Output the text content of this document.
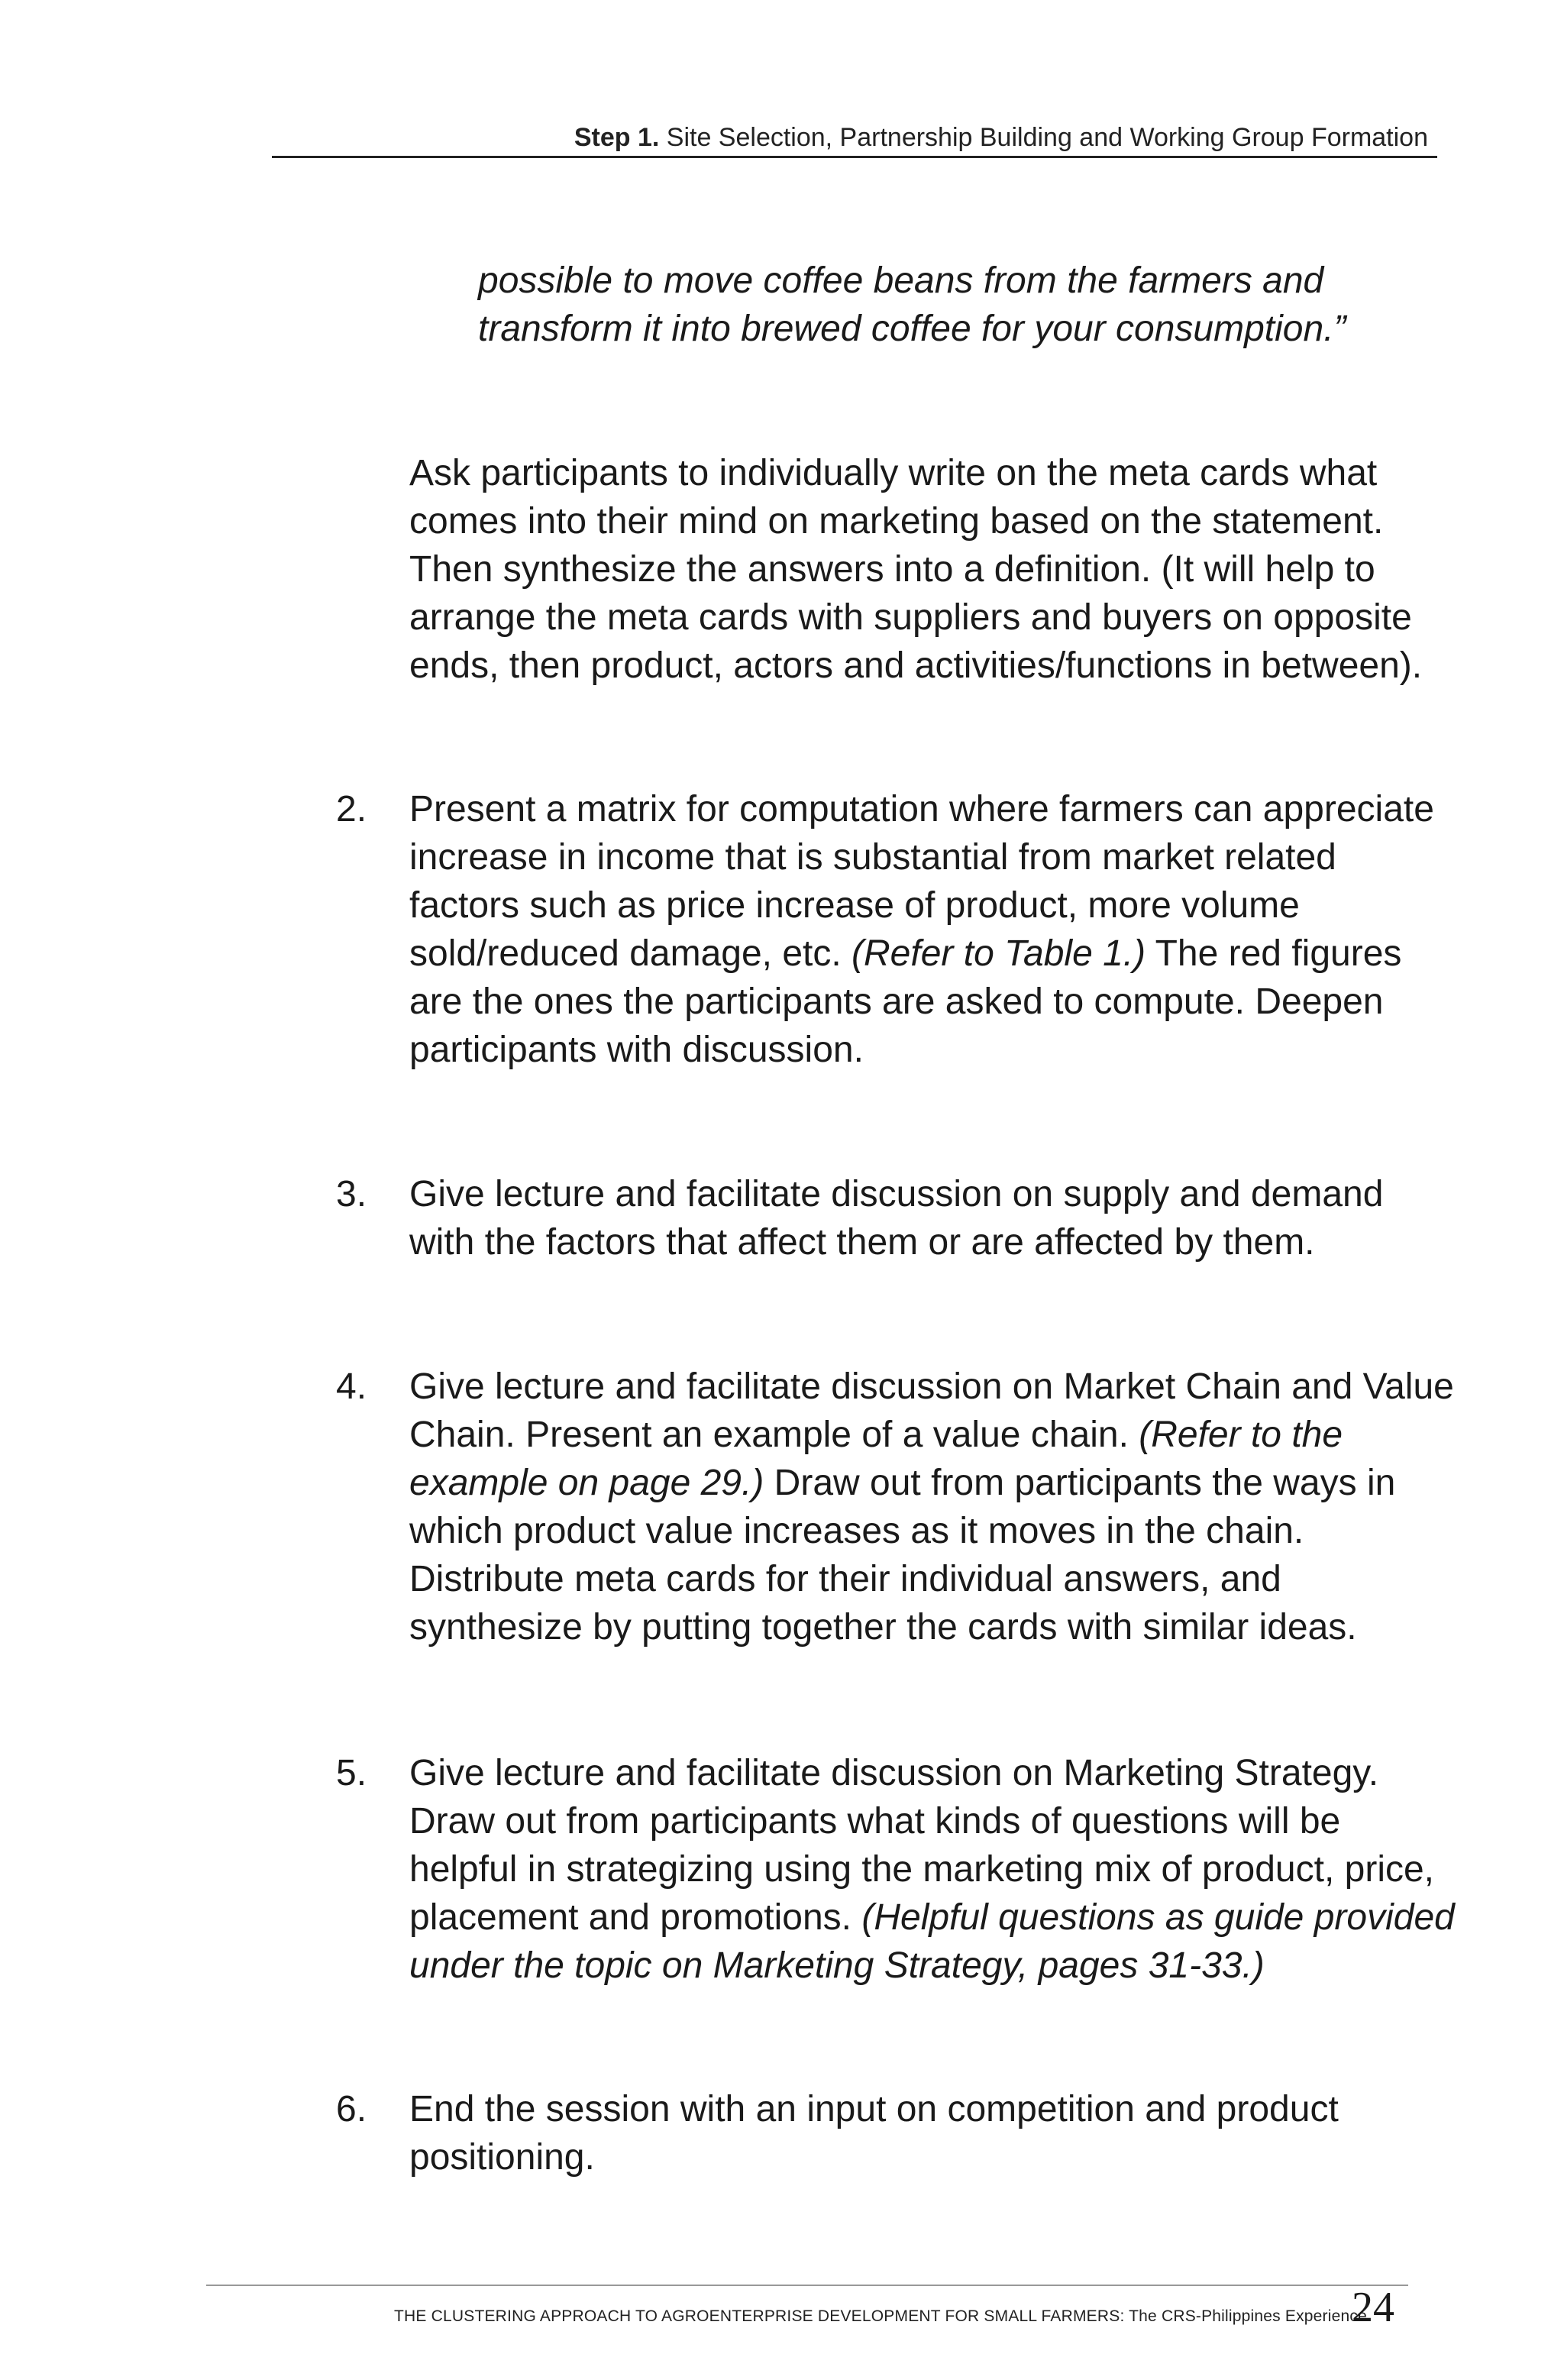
Step 1. Site Selection, Partnership Building and Working Group Formation
possible to move coffee beans from the farmers and transform it into brewed coffee for your consumption.”
Ask participants to individually write on the meta cards what comes into their mind on marketing based on the statement. Then synthesize the answers into a definition. (It will help to arrange the meta cards with suppliers and buyers on opposite ends, then product, actors and activities/functions in between).
2.	Present a matrix for computation where farmers can appreciate increase in income that is substantial from market related factors such as price increase of product, more volume sold/reduced damage, etc. (Refer to Table 1.) The red figures are the ones the participants are asked to compute. Deepen participants with discussion.
3.	Give lecture and facilitate discussion on supply and demand with the factors that affect them or are affected by them.
4.	Give lecture and facilitate discussion on Market Chain and Value Chain. Present an example of a value chain. (Refer to the example on page 29.) Draw out from participants the ways in which product value increases as it moves in the chain. Distribute meta cards for their individual answers, and synthesize by putting together the cards with similar ideas.
5.	Give lecture and facilitate discussion on Marketing Strategy. Draw out from participants what kinds of questions will be helpful in strategizing using the marketing mix of product, price, placement and promotions. (Helpful questions as guide provided under the topic on Marketing Strategy, pages 31-33.)
6.	End the session with an input on competition and product positioning.
THE CLUSTERING APPROACH TO AGROENTERPRISE DEVELOPMENT FOR SMALL FARMERS: The CRS-Philippines Experience
24
